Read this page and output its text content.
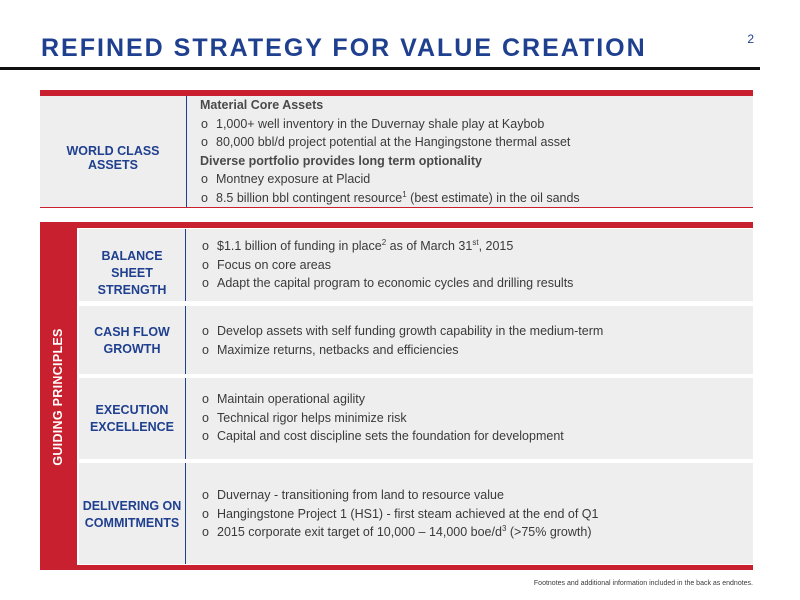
2
REFINED STRATEGY FOR VALUE CREATION
WORLD CLASS ASSETS
Material Core Assets
o 1,000+ well inventory in the Duvernay shale play at Kaybob
o 80,000 bbl/d project potential at the Hangingstone thermal asset
Diverse portfolio provides long term optionality
o Montney exposure at Placid
o 8.5 billion bbl contingent resource$^1$ (best estimate) in the oil sands
GUIDING PRINCIPLES
BALANCE SHEET
STRENGTH
o $1.1 billion of funding in place$^2$ as of March 31st, 2015
o Focus on core areas
o Adapt the capital program to economic cycles and drilling results
CASH FLOW
GROWTH
o Develop assets with self funding growth capability in the medium-term
o Maximize returns, netbacks and efficiencies
EXECUTION
EXCELLENCE
o Maintain operational agility
o Technical rigor helps minimize risk
o Capital and cost discipline sets the foundation for development
DELIVERING ON
COMMITMENTS
o Duvernay - transitioning from land to resource value
o Hangingstone Project 1 (HS1) - first steam achieved at the end of Q1
o 2015 corporate exit target of 10,000 – 14,000 boe/$d^3$ (>75% growth)
Footnotes and additional information included in the back as endnotes.
